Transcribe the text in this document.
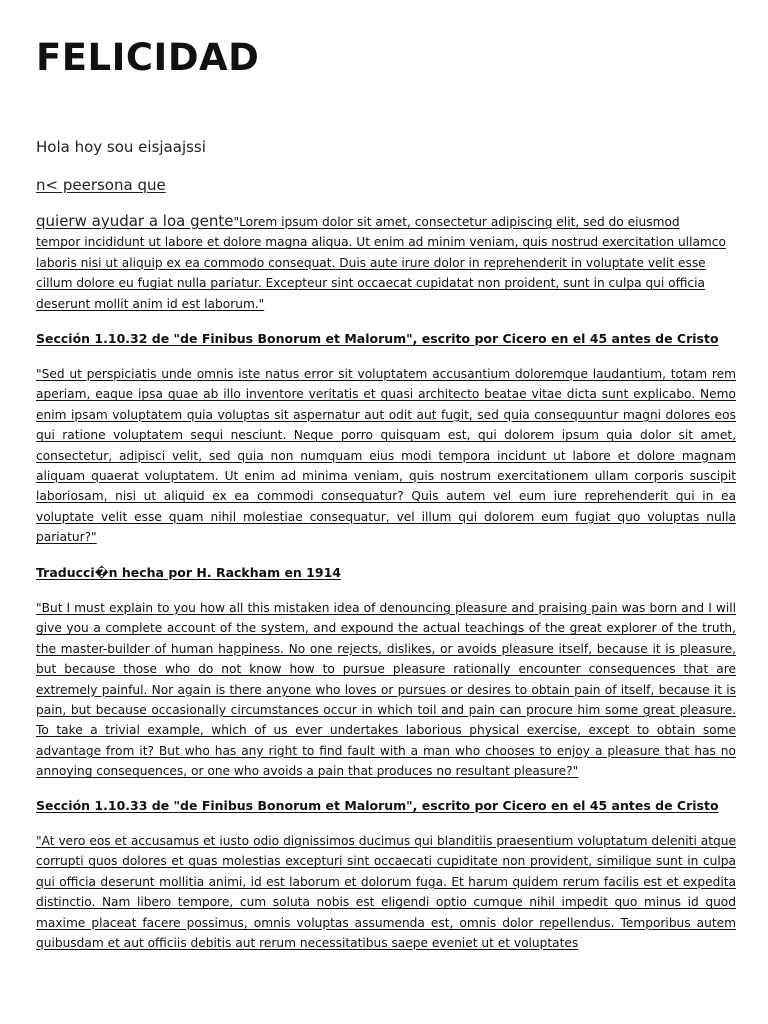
FELICIDAD

Hola hoy sou eisjaajssi

n< peersona que

quierw ayudar a loa gente"Lorem ipsum dolor sit amet, consectetur adipiscing elit, sed do eiusmod tempor incididunt ut labore et dolore magna aliqua. Ut enim ad minim veniam, quis nostrud exercitation ullamco laboris nisi ut aliquip ex ea commodo consequat. Duis aute irure dolor in reprehenderit in voluptate velit esse cillum dolore eu fugiat nulla pariatur. Excepteur sint occaecat cupidatat non proident, sunt in culpa qui officia deserunt mollit anim id est laborum."

Sección 1.10.32 de "de Finibus Bonorum et Malorum", escrito por Cicero en el 45 antes de Cristo

"Sed ut perspiciatis unde omnis iste natus error sit voluptatem accusantium doloremque laudantium, totam rem aperiam, eaque ipsa quae ab illo inventore veritatis et quasi architecto beatae vitae dicta sunt explicabo. Nemo enim ipsam voluptatem quia voluptas sit aspernatur aut odit aut fugit, sed quia consequuntur magni dolores eos qui ratione voluptatem sequi nesciunt. Neque porro quisquam est, qui dolorem ipsum quia dolor sit amet, consectetur, adipisci velit, sed quia non numquam eius modi tempora incidunt ut labore et dolore magnam aliquam quaerat voluptatem. Ut enim ad minima veniam, quis nostrum exercitationem ullam corporis suscipit laboriosam, nisi ut aliquid ex ea commodi consequatur? Quis autem vel eum iure reprehenderit qui in ea voluptate velit esse quam nihil molestiae consequatur, vel illum qui dolorem eum fugiat quo voluptas nulla pariatur?"

Traducci�n hecha por H. Rackham en 1914

"But I must explain to you how all this mistaken idea of denouncing pleasure and praising pain was born and I will give you a complete account of the system, and expound the actual teachings of the great explorer of the truth, the master-builder of human happiness. No one rejects, dislikes, or avoids pleasure itself, because it is pleasure, but because those who do not know how to pursue pleasure rationally encounter consequences that are extremely painful. Nor again is there anyone who loves or pursues or desires to obtain pain of itself, because it is pain, but because occasionally circumstances occur in which toil and pain can procure him some great pleasure. To take a trivial example, which of us ever undertakes laborious physical exercise, except to obtain some advantage from it? But who has any right to find fault with a man who chooses to enjoy a pleasure that has no annoying consequences, or one who avoids a pain that produces no resultant pleasure?"

Sección 1.10.33 de "de Finibus Bonorum et Malorum", escrito por Cicero en el 45 antes de Cristo

"At vero eos et accusamus et iusto odio dignissimos ducimus qui blanditiis praesentium voluptatum deleniti atque corrupti quos dolores et quas molestias excepturi sint occaecati cupiditate non provident, similique sunt in culpa qui officia deserunt mollitia animi, id est laborum et dolorum fuga. Et harum quidem rerum facilis est et expedita distinctio. Nam libero tempore, cum soluta nobis est eligendi optio cumque nihil impedit quo minus id quod maxime placeat facere possimus, omnis voluptas assumenda est, omnis dolor repellendus. Temporibus autem quibusdam et aut officiis debitis aut rerum necessitatibus saepe eveniet ut et voluptates
